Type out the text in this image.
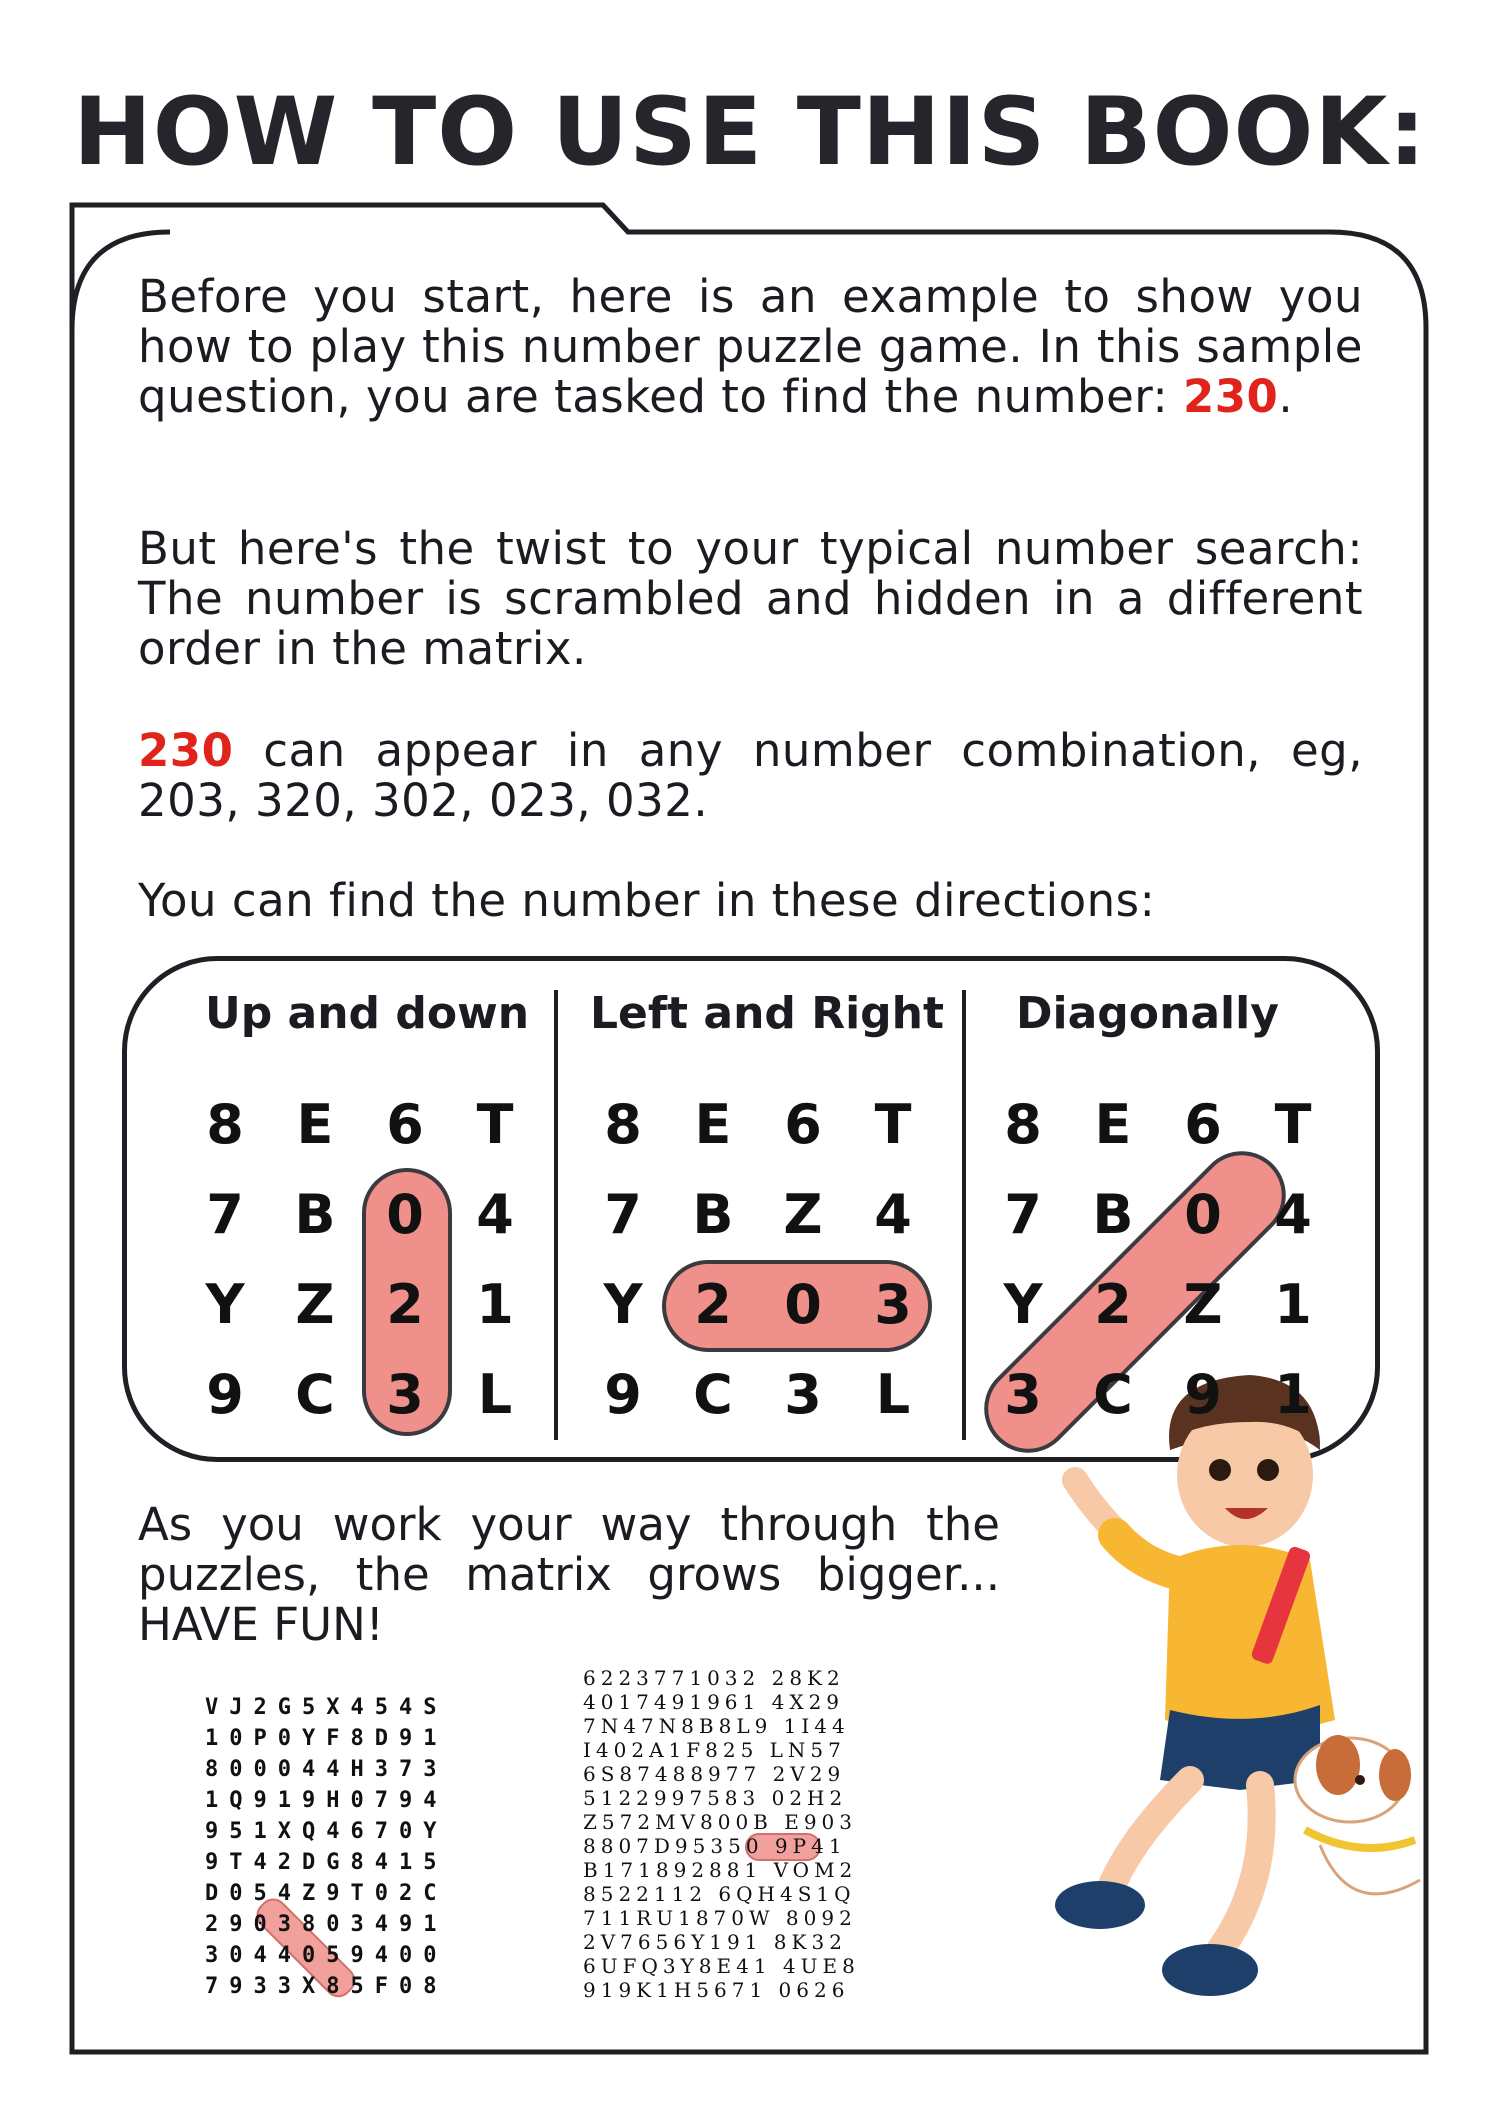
HOW TO USE THIS BOOK:
Before you start, here is an example to show you how to play this number puzzle game. In this sample question, you are tasked to find the number: 230.
But here's the twist to your typical number search: The number is scrambled and hidden in a different order in the matrix.
230 can appear in any number combination, eg, 203, 320, 302, 023, 032.
You can find the number in these directions:
Up and down Left and Right Diagonally
8 E 6 T
7 B 0 4
Y Z 2 1
9 C 3	L
8 E 6 T
7 B Z 4
Y 2 0 3
9 C 3	L
8 E 6 T
7 B 0 4
Y 2 Z 1
3 C 9 1
As you work your way through the puzzles, the matrix grows bigger... HAVE FUN!
VJ2G5X454S
10P0YF8D91
800044H373
1Q919H0794
951XQ4670Y
9T42DG8415
D054Z9T02C
2903803491
3044059400
7933X85F08
6223771032 28K2
4017491961 4X29
7N47N8B8L9 1I44
I402A1F825 LN57
6S87488977 2V29
5122997583 02H2
Z572MV800B E903
8807D95350 9P41
B171892881 VOM2
8522112 6QH4S1Q
711RU1870W 8092
2V7656Y191 8K32
6UFQ3Y8E41 4UE8
919K1H5671 0626
